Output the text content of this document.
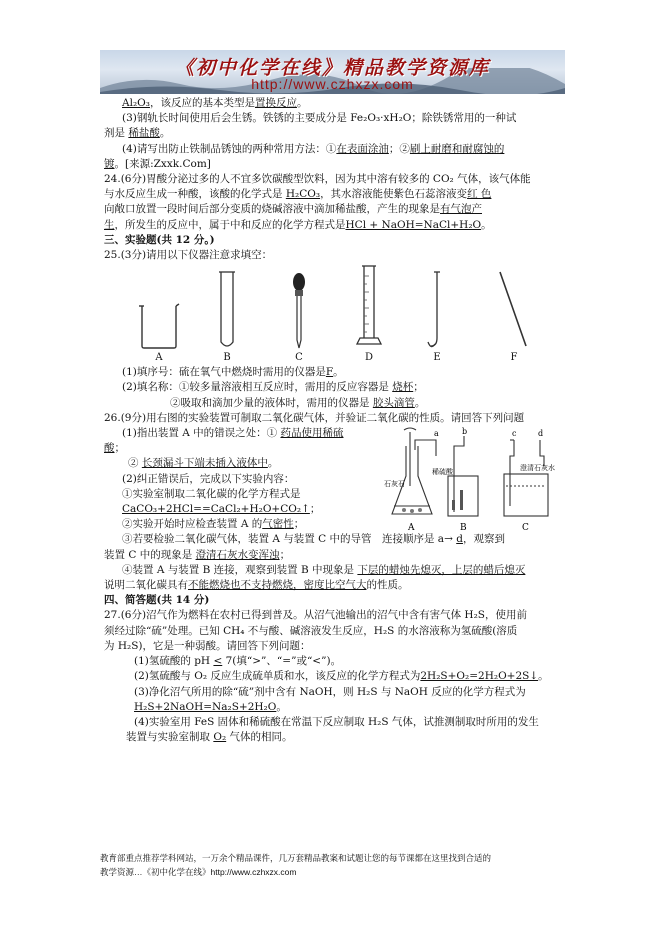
《初中化学在线》精品教学资源库
http://www.czhxzx.com

Al₂O₃，该反应的基本类型是置换反应。

(3)钢轨长时间使用后会生锈。铁锈的主要成分是 Fe₂O₃·xH₂O；除铁锈常用的一种试

剂是 稀盐酸。

(4)请写出防止铁制品锈蚀的两种常用方法：①在表面涂油；②刷上耐磨和耐腐蚀的

镀。[来源:Zxxk.Com]

24.(6分)胃酸分泌过多的人不宜多饮碳酸型饮料，因为其中溶有较多的 CO₂ 气体，该气体能

与水反应生成一种酸，该酸的化学式是 H₂CO₃，其水溶液能使紫色石蕊溶液变红 色

向敞口放置一段时间后部分变质的烧碱溶液中滴加稀盐酸，产生的现象是有气泡产

生，所发生的反应中，属于中和反应的化学方程式是HCl + NaOH=NaCl+H₂O。

三、实验题(共 12 分。)

25.(3分)请用以下仪器注意求填空：

A	B	C	D	E	F

(1)填序号：硫在氧气中燃烧时需用的仪器是F。

(2)填名称：①较多量溶液相互反应时，需用的反应容器是 烧杯；

②吸取和滴加少量的液体时，需用的仪器是 胶头滴管。

26.(9分)用右图的实验装置可制取二氧化碳气体，并验证二氧化碳的性质。请回答下列问题

a	b	c	d
A	B	C
石灰石
稀硫酸	澄清石灰水

(1)指出装置 A 中的错误之处：① 药品使用稀硫

酸；

② 长颈漏斗下端未插入液体中。

(2)纠正错误后，完成以下实验内容：

①实验室制取二氧化碳的化学方程式是

CaCO₃+2HCl==CaCl₂+H₂O+CO₂↑；

②实验开始时应检查装置 A 的气密性；

③若要检验二氧化碳气体，装置 A 与装置 C 中的导管　连接顺序是 a→ d，观察到

装置 C 中的现象是 澄清石灰水变浑浊；

④装置 A 与装置 B 连接，观察到装置 B 中现象是 下层的蜡烛先熄灭，上层的蜡后熄灭

说明二氧化碳具有不能燃烧也不支持燃烧，密度比空气大的性质。

四、简答题(共 14 分)

27.(6分)沼气作为燃料在农村已得到普及。从沼气池输出的沼气中含有害气体 H₂S，使用前

须经过除“硫”处理。已知 CH₄ 不与酸、碱溶液发生反应，H₂S 的水溶液称为氢硫酸(溶质

为 H₂S)，它是一种弱酸。请回答下列问题：

(1)氢硫酸的 pH < 7(填“>”、“=”或“<”)。

(2)氢硫酸与 O₂ 反应生成硫单质和水，该反应的化学方程式为2H₂S+O₂=2H₂O+2S↓。

(3)净化沼气所用的除“硫”剂中含有 NaOH，则 H₂S 与 NaOH 反应的化学方程式为

H₂S+2NaOH=Na₂S+2H₂O。

(4)实验室用 FeS 固体和稀硫酸在常温下反应制取 H₂S 气体，试推测制取时所用的发生

装置与实验室制取 O₂ 气体的相同。

教育部重点推荐学科网站，一万余个精品课件，几万套精品教案和试题让您的每节课都在这里找到合适的
教学资源…《初中化学在线》http://www.czhxzx.com
